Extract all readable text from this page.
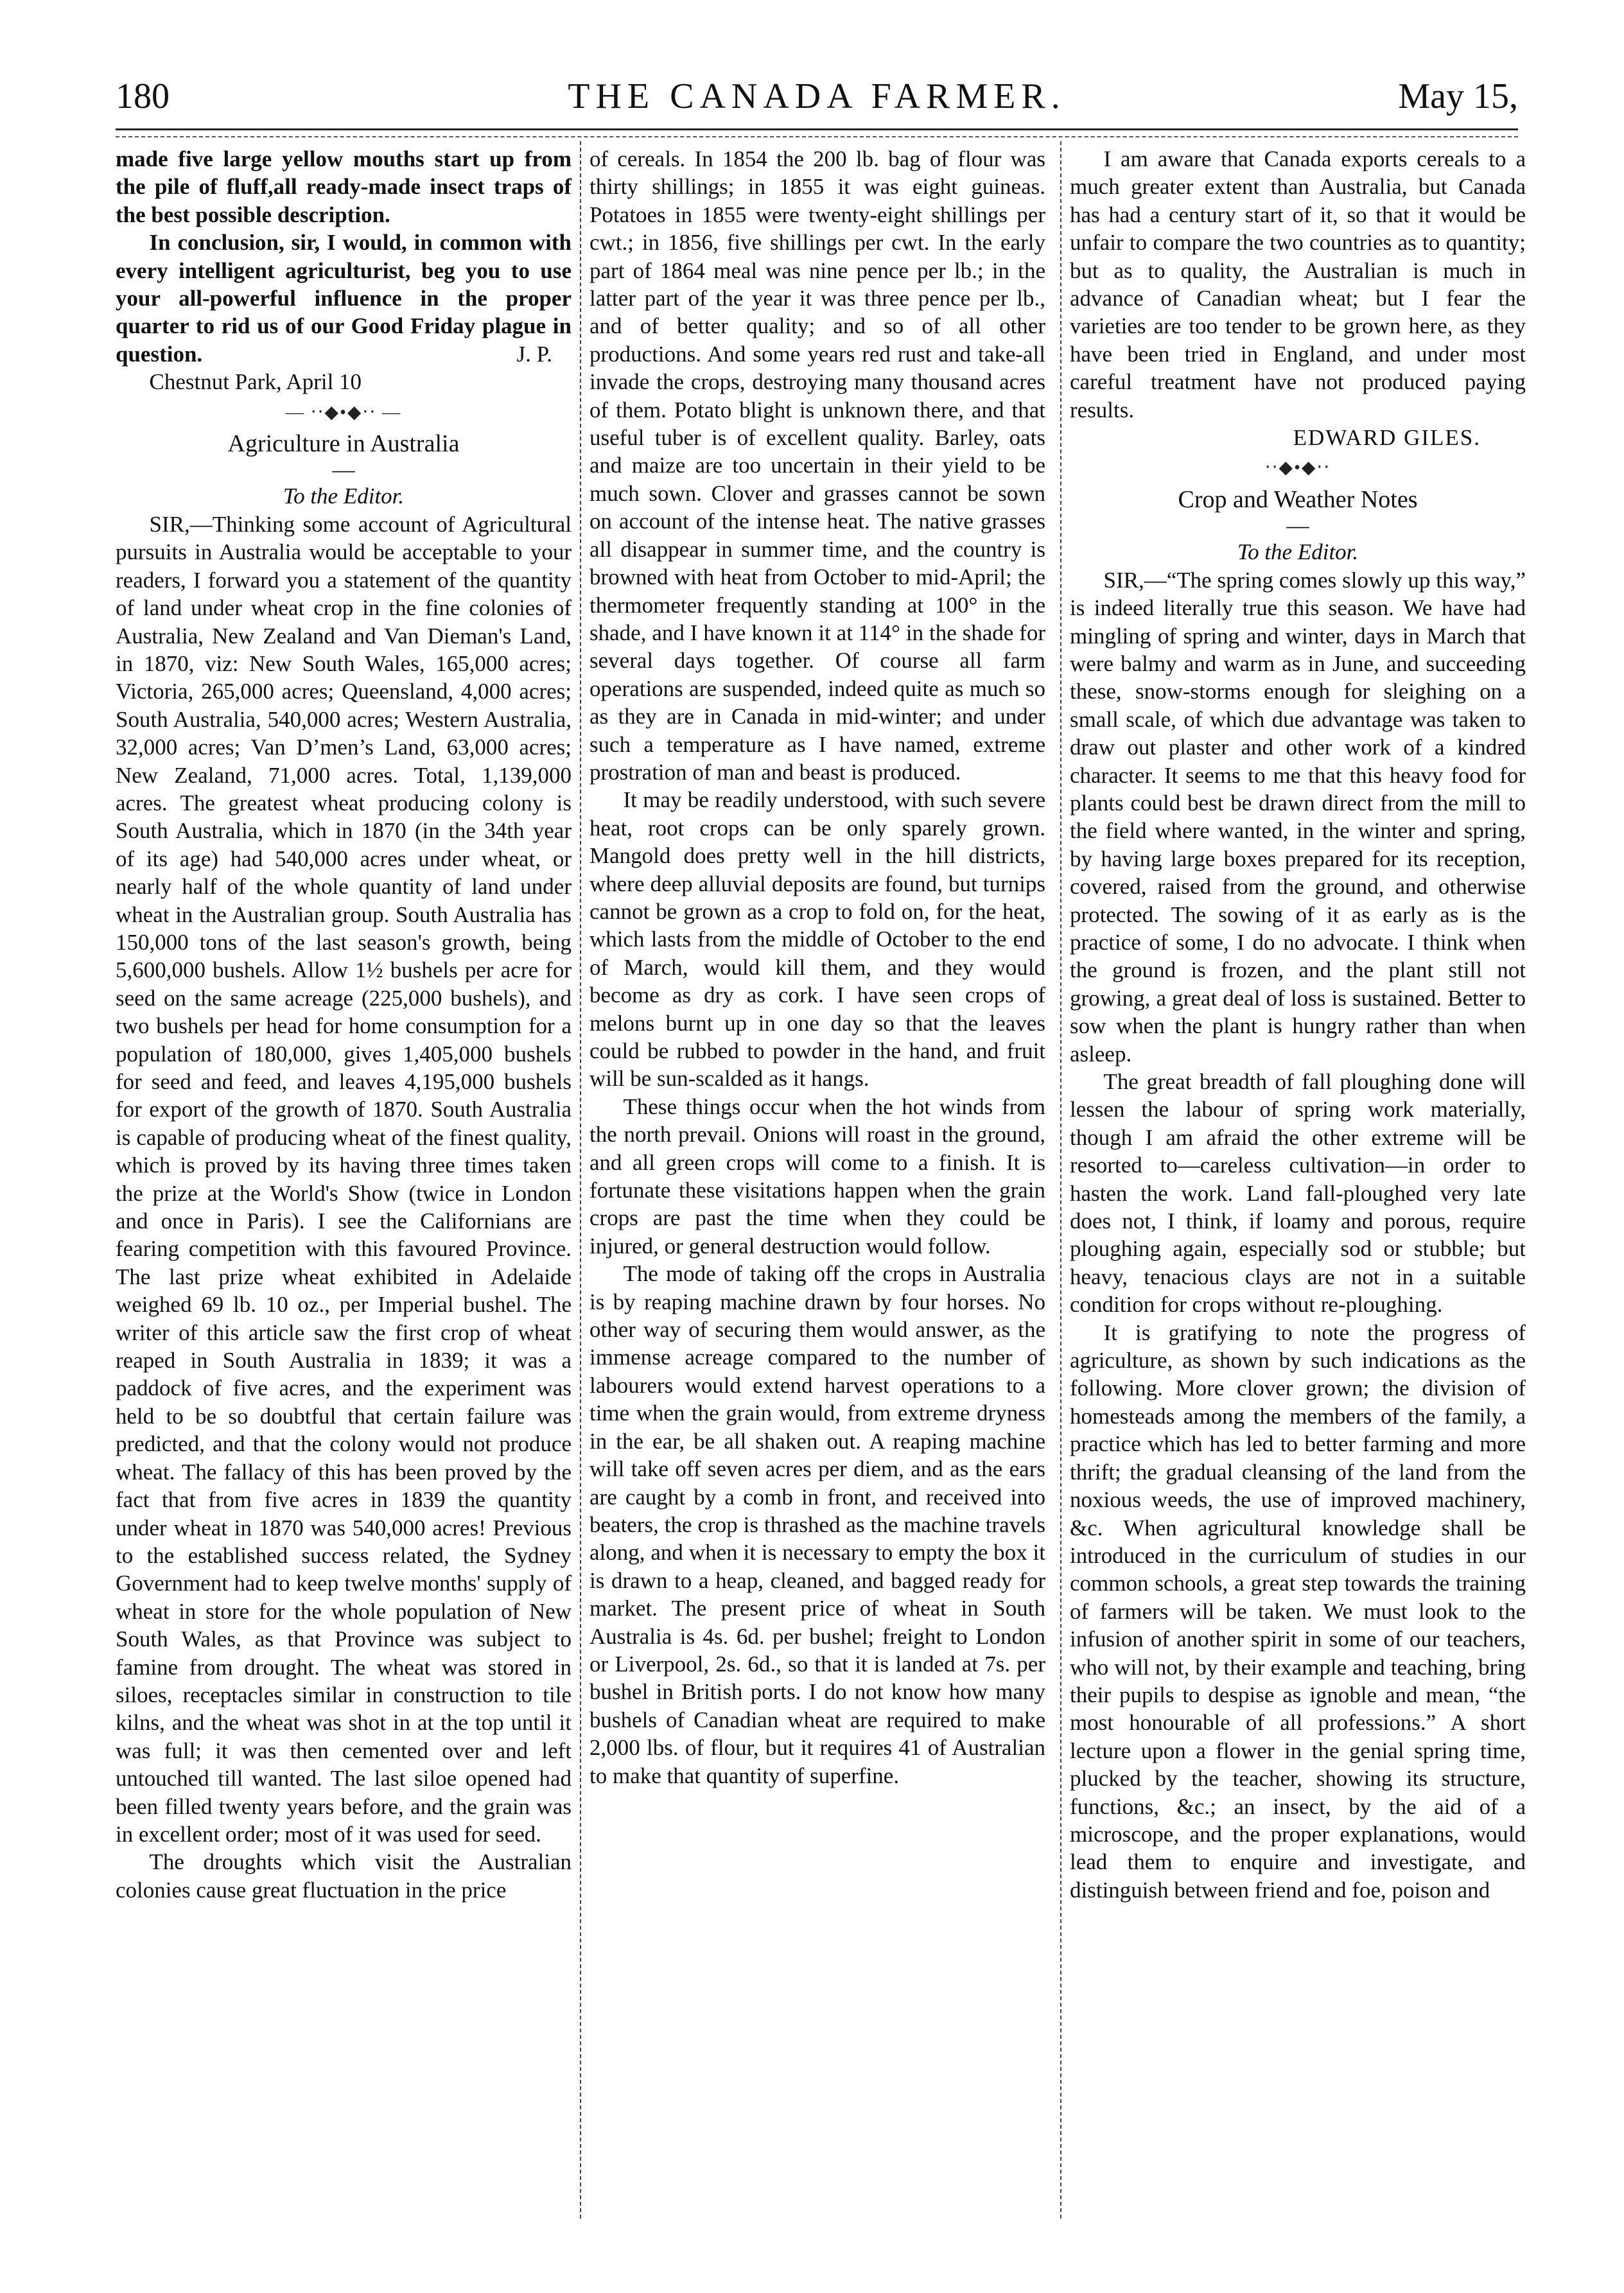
180	THE CANADA FARMER.	May 15,

made five large yellow mouths start up from the pile of fluff,all ready-made insect traps of the best possible description.

In conclusion, sir, I would, in common with every intelligent agriculturist, beg you to use your all-powerful influence in the proper quarter to rid us of our Good Friday plague in question.	J. P.

Chestnut Park, April 10

— ‧‧◆•◆‧‧ —
Agriculture in Australia
—
To the Editor.

SIR,—Thinking some account of Agricultural pursuits in Australia would be acceptable to your readers, I forward you a statement of the quantity of land under wheat crop in the fine colonies of Australia, New Zealand and Van Dieman's Land, in 1870, viz: New South Wales, 165,000 acres; Victoria, 265,000 acres; Queensland, 4,000 acres; South Australia, 540,000 acres; Western Australia, 32,000 acres; Van D’men’s Land, 63,000 acres; New Zealand, 71,000 acres. Total, 1,139,000 acres. The greatest wheat producing colony is South Australia, which in 1870 (in the 34th year of its age) had 540,000 acres under wheat, or nearly half of the whole quantity of land under wheat in the Australian group. South Australia has 150,000 tons of the last season's growth, being 5,600,000 bushels. Allow 1½ bushels per acre for seed on the same acreage (225,000 bushels), and two bushels per head for home consumption for a population of 180,000, gives 1,405,000 bushels for seed and feed, and leaves 4,195,000 bushels for export of the growth of 1870. South Australia is capable of producing wheat of the finest quality, which is proved by its having three times taken the prize at the World's Show (twice in London and once in Paris). I see the Californians are fearing competition with this favoured Province. The last prize wheat exhibited in Adelaide weighed 69 lb. 10 oz., per Imperial bushel. The writer of this article saw the first crop of wheat reaped in South Australia in 1839; it was a paddock of five acres, and the experiment was held to be so doubtful that certain failure was predicted, and that the colony would not produce wheat. The fallacy of this has been proved by the fact that from five acres in 1839 the quantity under wheat in 1870 was 540,000 acres! Previous to the established success related, the Sydney Government had to keep twelve months' supply of wheat in store for the whole population of New South Wales, as that Province was subject to famine from drought. The wheat was stored in siloes, receptacles similar in construction to tile kilns, and the wheat was shot in at the top until it was full; it was then cemented over and left untouched till wanted. The last siloe opened had been filled twenty years before, and the grain was in excellent order; most of it was used for seed.

The droughts which visit the Australian colonies cause great fluctuation in the price

of cereals. In 1854 the 200 lb. bag of flour was thirty shillings; in 1855 it was eight guineas. Potatoes in 1855 were twenty-eight shillings per cwt.; in 1856, five shillings per cwt. In the early part of 1864 meal was nine pence per lb.; in the latter part of the year it was three pence per lb., and of better quality; and so of all other productions. And some years red rust and take-all invade the crops, destroying many thousand acres of them. Potato blight is unknown there, and that useful tuber is of excellent quality. Barley, oats and maize are too uncertain in their yield to be much sown. Clover and grasses cannot be sown on account of the intense heat. The native grasses all disappear in summer time, and the country is browned with heat from October to mid-April; the thermometer frequently standing at 100° in the shade, and I have known it at 114° in the shade for several days together. Of course all farm operations are suspended, indeed quite as much so as they are in Canada in mid-winter; and under such a temperature as I have named, extreme prostration of man and beast is produced.

It may be readily understood, with such severe heat, root crops can be only sparely grown. Mangold does pretty well in the hill districts, where deep alluvial deposits are found, but turnips cannot be grown as a crop to fold on, for the heat, which lasts from the middle of October to the end of March, would kill them, and they would become as dry as cork. I have seen crops of melons burnt up in one day so that the leaves could be rubbed to powder in the hand, and fruit will be sun-scalded as it hangs.

These things occur when the hot winds from the north prevail. Onions will roast in the ground, and all green crops will come to a finish. It is fortunate these visitations happen when the grain crops are past the time when they could be injured, or general destruction would follow.

The mode of taking off the crops in Australia is by reaping machine drawn by four horses. No other way of securing them would answer, as the immense acreage compared to the number of labourers would extend harvest operations to a time when the grain would, from extreme dryness in the ear, be all shaken out. A reaping machine will take off seven acres per diem, and as the ears are caught by a comb in front, and received into beaters, the crop is thrashed as the machine travels along, and when it is necessary to empty the box it is drawn to a heap, cleaned, and bagged ready for market. The present price of wheat in South Australia is 4s. 6d. per bushel; freight to London or Liverpool, 2s. 6d., so that it is landed at 7s. per bushel in British ports. I do not know how many bushels of Canadian wheat are required to make 2,000 lbs. of flour, but it requires 41 of Australian to make that quantity of superfine.

I am aware that Canada exports cereals to a much greater extent than Australia, but Canada has had a century start of it, so that it would be unfair to compare the two countries as to quantity; but as to quality, the Australian is much in advance of Canadian wheat; but I fear the varieties are too tender to be grown here, as they have been tried in England, and under most careful treatment have not produced paying results.

EDWARD GILES.

‧‧◆•◆‧‧
Crop and Weather Notes
—
To the Editor.

SIR,—“The spring comes slowly up this way,” is indeed literally true this season. We have had mingling of spring and winter, days in March that were balmy and warm as in June, and succeeding these, snow-storms enough for sleighing on a small scale, of which due advantage was taken to draw out plaster and other work of a kindred character. It seems to me that this heavy food for plants could best be drawn direct from the mill to the field where wanted, in the winter and spring, by having large boxes prepared for its reception, covered, raised from the ground, and otherwise protected. The sowing of it as early as is the practice of some, I do no advocate. I think when the ground is frozen, and the plant still not growing, a great deal of loss is sustained. Better to sow when the plant is hungry rather than when asleep.

The great breadth of fall ploughing done will lessen the labour of spring work materially, though I am afraid the other extreme will be resorted to—careless cultivation—in order to hasten the work. Land fall-ploughed very late does not, I think, if loamy and porous, require ploughing again, especially sod or stubble; but heavy, tenacious clays are not in a suitable condition for crops without re-ploughing.

It is gratifying to note the progress of agriculture, as shown by such indications as the following. More clover grown; the division of homesteads among the members of the family, a practice which has led to better farming and more thrift; the gradual cleansing of the land from the noxious weeds, the use of improved machinery, &c. When agricultural knowledge shall be introduced in the curriculum of studies in our common schools, a great step towards the training of farmers will be taken. We must look to the infusion of another spirit in some of our teachers, who will not, by their example and teaching, bring their pupils to despise as ignoble and mean, “the most honourable of all professions.” A short lecture upon a flower in the genial spring time, plucked by the teacher, showing its structure, functions, &c.; an insect, by the aid of a microscope, and the proper explanations, would lead them to enquire and investigate, and distinguish between friend and foe, poison and
